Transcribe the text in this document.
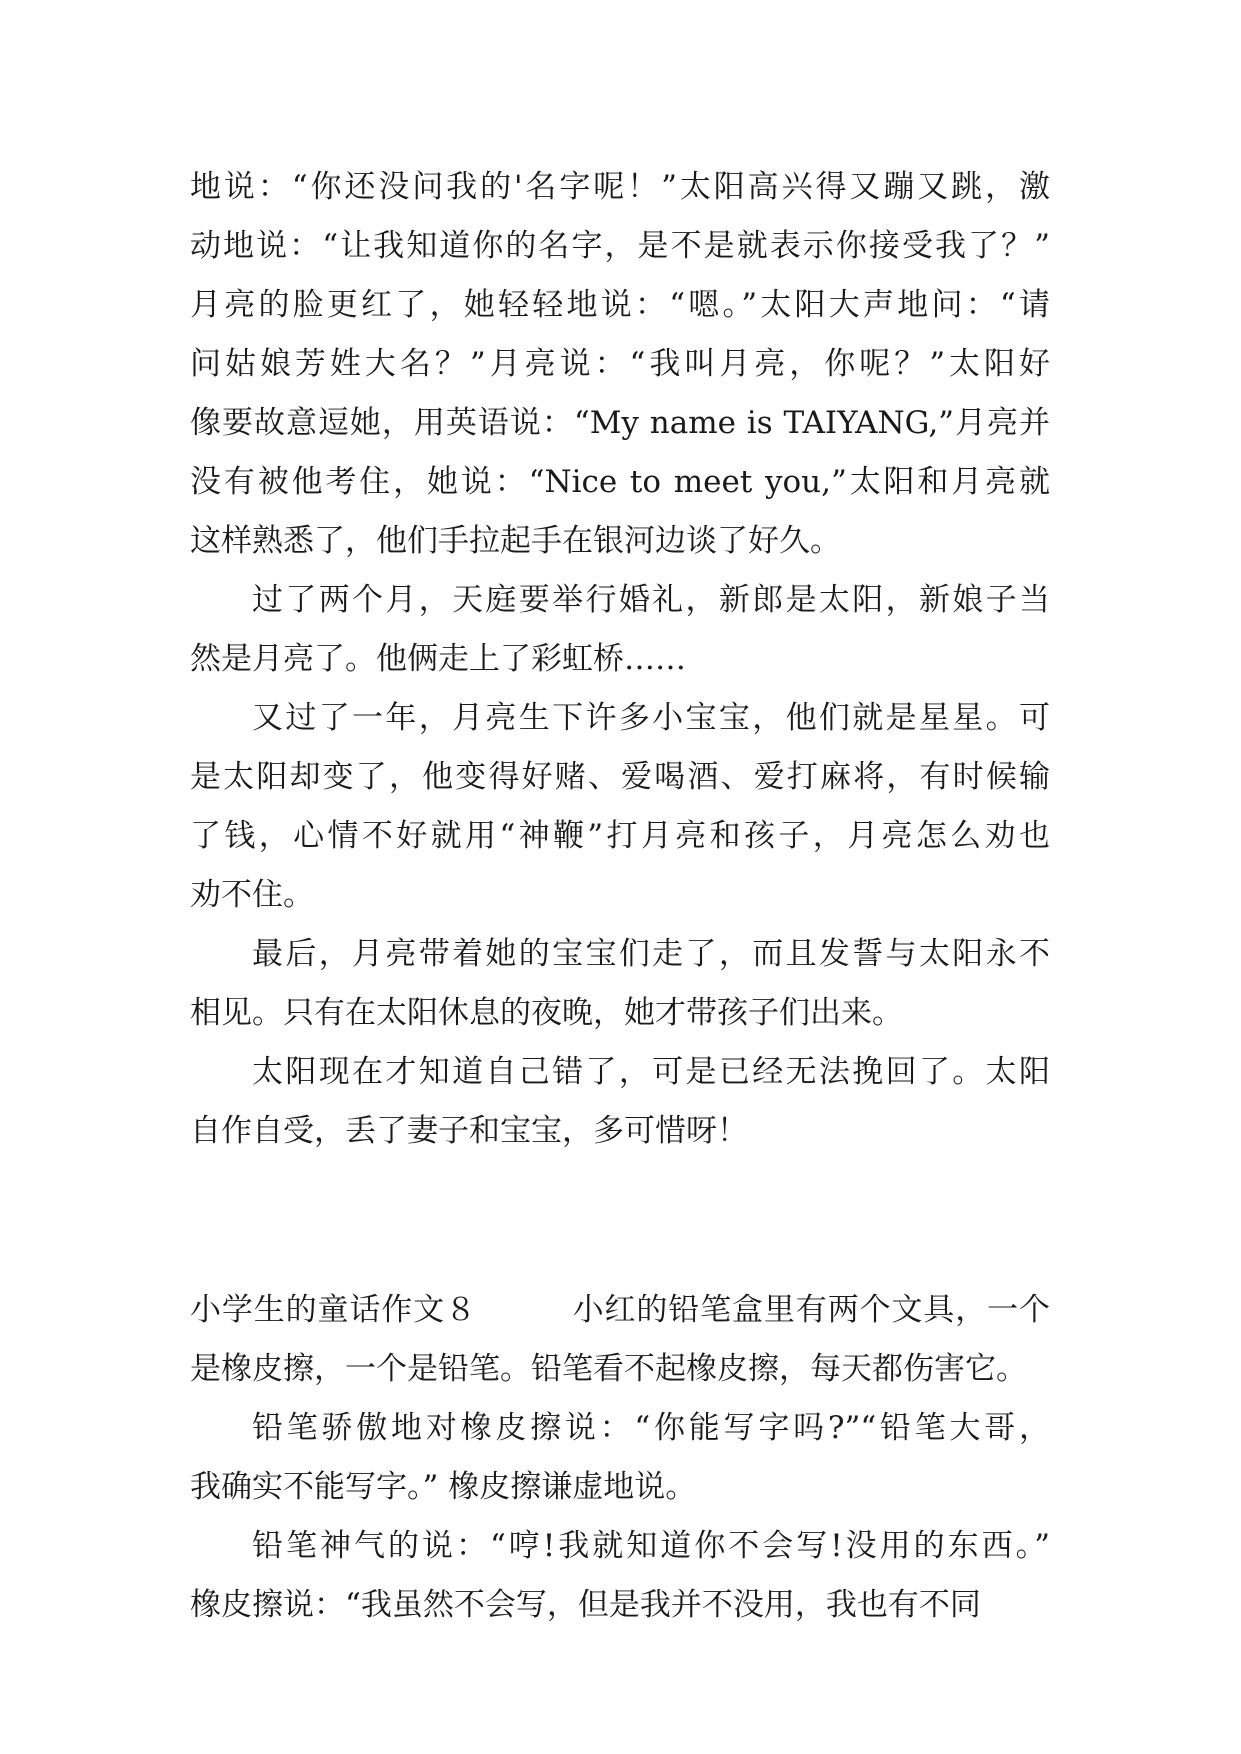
地说：“你还没问我的'名字呢！”太阳高兴得又蹦又跳，激
动地说：“让我知道你的名字，是不是就表示你接受我了？”
月亮的脸更红了，她轻轻地说：“嗯。”太阳大声地问：“请
问姑娘芳姓大名？”月亮说：“我叫月亮，你呢？”太阳好
像要故意逗她，用英语说：“My name is TAIYANG,”月亮并
没有被他考住，她说：“Nice to meet you,”太阳和月亮就
这样熟悉了，他们手拉起手在银河边谈了好久。
过了两个月，天庭要举行婚礼，新郎是太阳，新娘子当
然是月亮了。他俩走上了彩虹桥……
又过了一年，月亮生下许多小宝宝，他们就是星星。可
是太阳却变了，他变得好赌、爱喝酒、爱打麻将，有时候输
了钱，心情不好就用“神鞭”打月亮和孩子，月亮怎么劝也
劝不住。
最后，月亮带着她的宝宝们走了，而且发誓与太阳永不
相见。只有在太阳休息的夜晚，她才带孩子们出来。
太阳现在才知道自己错了，可是已经无法挽回了。太阳
自作自受，丢了妻子和宝宝，多可惜呀！
小学生的童话作文８　　　小红的铅笔盒里有两个文具，一个
是橡皮擦，一个是铅笔。铅笔看不起橡皮擦，每天都伤害它。
铅笔骄傲地对橡皮擦说：“你能写字吗?”“铅笔大哥，
我确实不能写字。” 橡皮擦谦虚地说。
铅笔神气的说：“哼!我就知道你不会写!没用的东西。”
橡皮擦说：“我虽然不会写，但是我并不没用，我也有不同
